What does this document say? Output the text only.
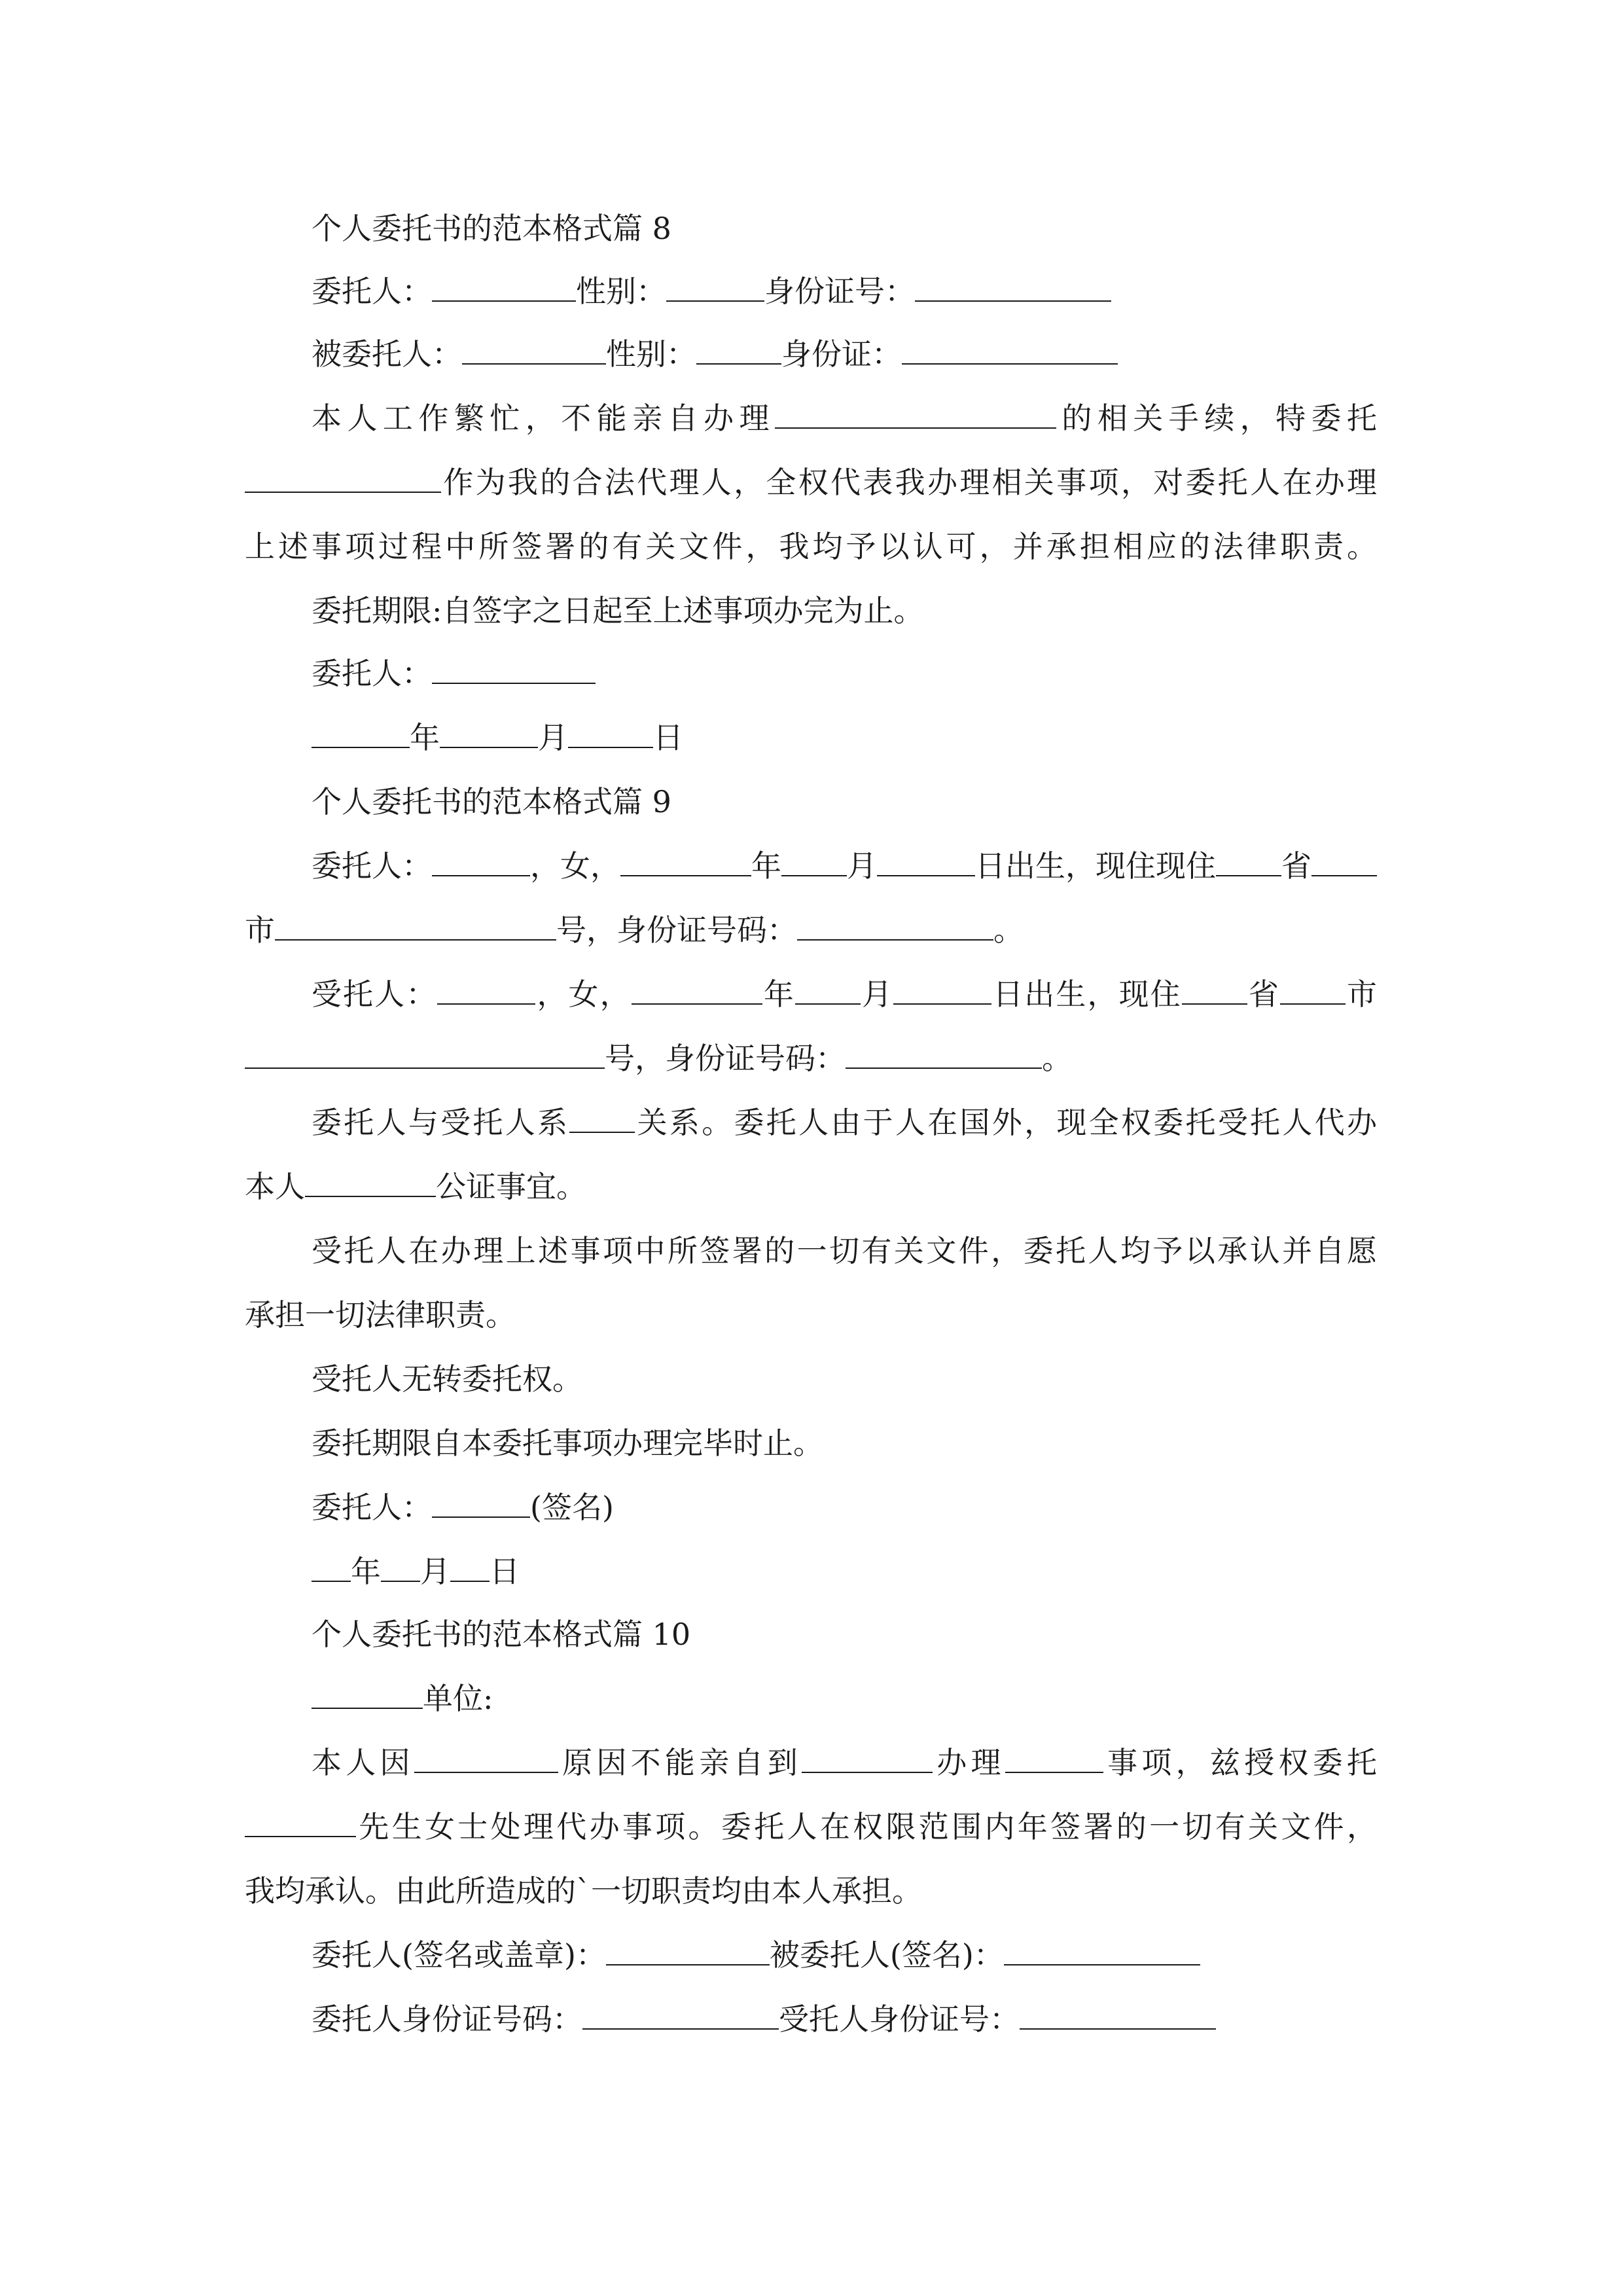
个人委托书的范本格式篇 8
委托人：	性别：	身份证号：
被委托人：	性别：	身份证：
本人工作繁忙，不能亲自办理	的相关手续，特委托
作为我的合法代理人，全权代表我办理相关事项，对委托人在办理
上述事项过程中所签署的有关文件，我均予以认可，并承担相应的法律职责。
委托期限:自签字之日起至上述事项办完为止。
委托人：
年	月	日
个人委托书的范本格式篇 9
委托人：	，女，	年 月	日出生，现住现住 省
市	号，身份证号码：	。
受托人：	，女，	年 月	日出生，现住 省 市
号，身份证号码：	。
委托人与受托人系 关系。委托人由于人在国外，现全权委托受托人代办
本人	公证事宜。
受托人在办理上述事项中所签署的一切有关文件，委托人均予以承认并自愿
承担一切法律职责。
受托人无转委托权。
委托期限自本委托事项办理完毕时止。
委托人：	(签名)
年 月 日
个人委托书的范本格式篇 10
单位:
本人因	原因不能亲自到	办理	事项，兹授权委托
先生女士处理代办事项。委托人在权限范围内年签署的一切有关文件，
我均承认。由此所造成的`一切职责均由本人承担。
委托人(签名或盖章)：	被委托人(签名)：
委托人身份证号码：	受托人身份证号：
